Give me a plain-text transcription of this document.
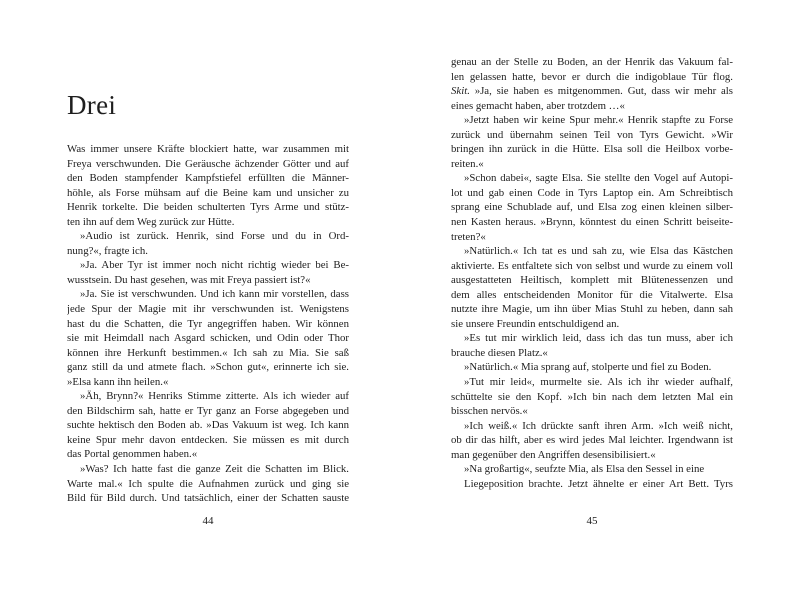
Drei
Was immer unsere Kräfte blockiert hatte, war zusammen mit
Freya verschwunden. Die Geräusche ächzender Götter und auf
den Boden stampfender Kampfstiefel erfüllten die Männer-
höhle, als Forse mühsam auf die Beine kam und unsicher zu
Henrik torkelte. Die beiden schulterten Tyrs Arme und stütz-
ten ihn auf dem Weg zurück zur Hütte.
»Audio ist zurück. Henrik, sind Forse und du in Ord-
nung?«, fragte ich.
»Ja. Aber Tyr ist immer noch nicht richtig wieder bei Be-
wusstsein. Du hast gesehen, was mit Freya passiert ist?«
»Ja. Sie ist verschwunden. Und ich kann mir vorstellen, dass
jede Spur der Magie mit ihr verschwunden ist. Wenigstens
hast du die Schatten, die Tyr angegriffen haben. Wir können
sie mit Heimdall nach Asgard schicken, und Odin oder Thor
können ihre Herkunft bestimmen.« Ich sah zu Mia. Sie saß
ganz still da und atmete flach. »Schon gut«, erinnerte ich sie.
»Elsa kann ihn heilen.«
»Äh, Brynn?« Henriks Stimme zitterte. Als ich wieder auf
den Bildschirm sah, hatte er Tyr ganz an Forse abgegeben und
suchte hektisch den Boden ab. »Das Vakuum ist weg. Ich kann
keine Spur mehr davon entdecken. Sie müssen es mit durch
das Portal genommen haben.«
»Was? Ich hatte fast die ganze Zeit die Schatten im Blick.
Warte mal.« Ich spulte die Aufnahmen zurück und ging sie
Bild für Bild durch. Und tatsächlich, einer der Schatten sauste
44
genau an der Stelle zu Boden, an der Henrik das Vakuum fal-
len gelassen hatte, bevor er durch die indigoblaue Tür flog.
Skit. »Ja, sie haben es mitgenommen. Gut, dass wir mehr als
eines gemacht haben, aber trotzdem …«
»Jetzt haben wir keine Spur mehr.« Henrik stapfte zu Forse
zurück und übernahm seinen Teil von Tyrs Gewicht. »Wir
bringen ihn zurück in die Hütte. Elsa soll die Heilbox vorbe-
reiten.«
»Schon dabei«, sagte Elsa. Sie stellte den Vogel auf Autopi-
lot und gab einen Code in Tyrs Laptop ein. Am Schreibtisch
sprang eine Schublade auf, und Elsa zog einen kleinen silber-
nen Kasten heraus. »Brynn, könntest du einen Schritt beiseite-
treten?«
»Natürlich.« Ich tat es und sah zu, wie Elsa das Kästchen
aktivierte. Es entfaltete sich von selbst und wurde zu einem voll
ausgestatteten Heiltisch, komplett mit Blütenessenzen und
dem alles entscheidenden Monitor für die Vitalwerte. Elsa
nutzte ihre Magie, um ihn über Mias Stuhl zu heben, dann sah
sie unsere Freundin entschuldigend an.
»Es tut mir wirklich leid, dass ich das tun muss, aber ich
brauche diesen Platz.«
»Natürlich.« Mia sprang auf, stolperte und fiel zu Boden.
»Tut mir leid«, murmelte sie. Als ich ihr wieder aufhalf,
schüttelte sie den Kopf. »Ich bin nach dem letzten Mal ein
bisschen nervös.«
»Ich weiß.« Ich drückte sanft ihren Arm. »Ich weiß nicht,
ob dir das hilft, aber es wird jedes Mal leichter. Irgendwann ist
man gegenüber den Angriffen desensibilisiert.«
»Na großartig«, seufzte Mia, als Elsa den Sessel in eine
Liegeposition brachte. Jetzt ähnelte er einer Art Bett. Tyrs
45
